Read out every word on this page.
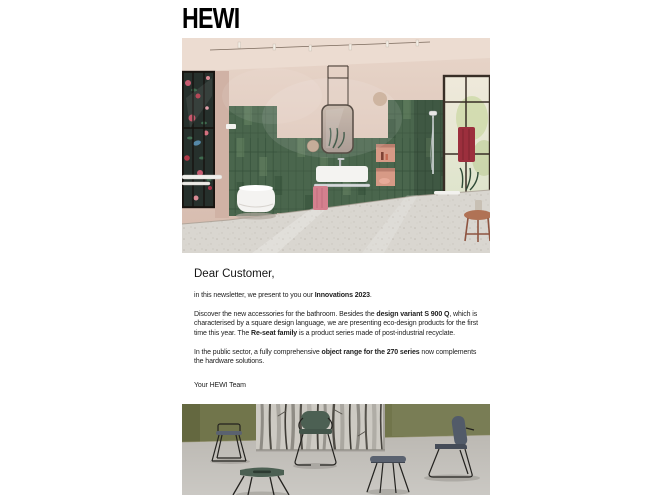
HEWI

Dear Customer,

in this newsletter, we present to you our Innovations 2023.

Discover the new accessories for the bathroom. Besides the design variant S 900 Q, which is characterised by a square design language, we are presenting eco-design products for the first time this year. The Re-seat family is a product series made of post-industrial recyclate.

In the public sector, a fully comprehensive object range for the 270 series now complements the hardware solutions.

Your HEWI Team
